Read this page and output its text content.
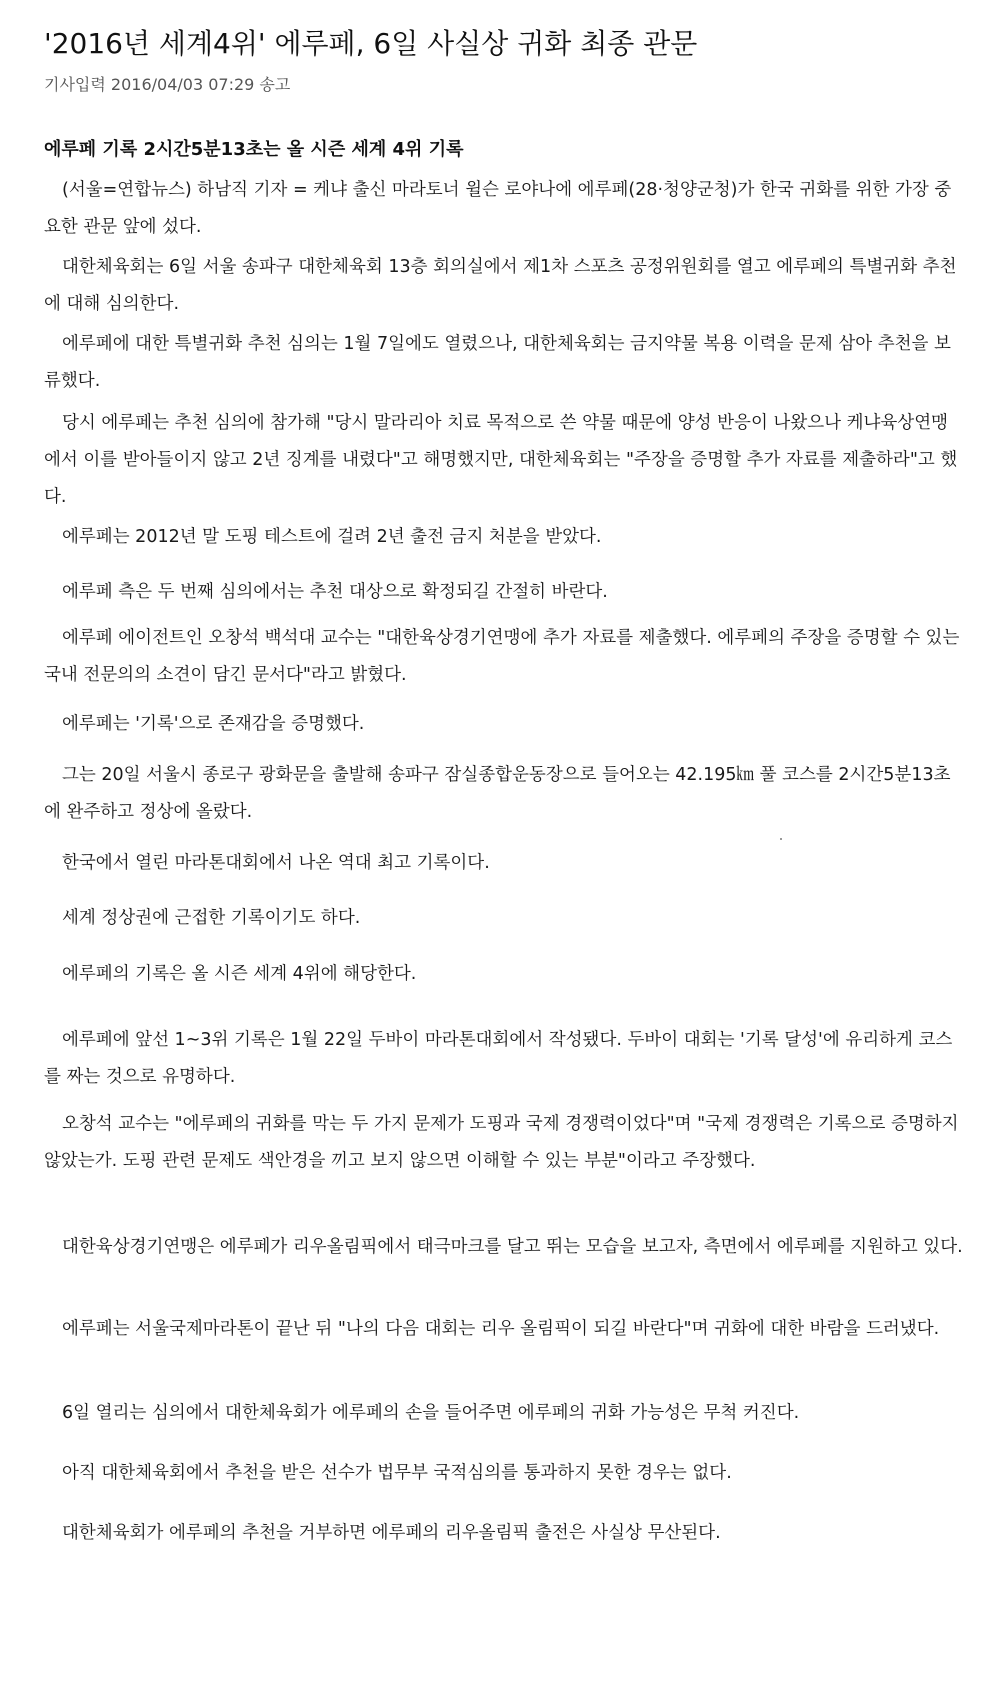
'2016년 세계4위' 에루페, 6일 사실상 귀화 최종 관문
기사입력 2016/04/03 07:29 송고
에루페 기록 2시간5분13초는 올 시즌 세계 4위 기록

(서울=연합뉴스) 하남직 기자 = 케냐 출신 마라토너 윌슨 로야나에 에루페(28·청양군청)가 한국 귀화를 위한 가장 중요한 관문 앞에 섰다.

대한체육회는 6일 서울 송파구 대한체육회 13층 회의실에서 제1차 스포츠 공정위원회를 열고 에루페의 특별귀화 추천에 대해 심의한다.

에루페에 대한 특별귀화 추천 심의는 1월 7일에도 열렸으나, 대한체육회는 금지약물 복용 이력을 문제 삼아 추천을 보류했다.

당시 에루페는 추천 심의에 참가해 "당시 말라리아 치료 목적으로 쓴 약물 때문에 양성 반응이 나왔으나 케냐육상연맹에서 이를 받아들이지 않고 2년 징계를 내렸다"고 해명했지만, 대한체육회는 "주장을 증명할 추가 자료를 제출하라"고 했다.

에루페는 2012년 말 도핑 테스트에 걸려 2년 출전 금지 처분을 받았다.

에루페 측은 두 번째 심의에서는 추천 대상으로 확정되길 간절히 바란다.

에루페 에이전트인 오창석 백석대 교수는 "대한육상경기연맹에 추가 자료를 제출했다. 에루페의 주장을 증명할 수 있는 국내 전문의의 소견이 담긴 문서다"라고 밝혔다.

에루페는 '기록'으로 존재감을 증명했다.

그는 20일 서울시 종로구 광화문을 출발해 송파구 잠실종합운동장으로 들어오는 42.195㎞ 풀 코스를 2시간5분13초에 완주하고 정상에 올랐다.

한국에서 열린 마라톤대회에서 나온 역대 최고 기록이다.

세계 정상권에 근접한 기록이기도 하다.

에루페의 기록은 올 시즌 세계 4위에 해당한다.

에루페에 앞선 1~3위 기록은 1월 22일 두바이 마라톤대회에서 작성됐다. 두바이 대회는 '기록 달성'에 유리하게 코스를 짜는 것으로 유명하다.

오창석 교수는 "에루페의 귀화를 막는 두 가지 문제가 도핑과 국제 경쟁력이었다"며 "국제 경쟁력은 기록으로 증명하지 않았는가. 도핑 관련 문제도 색안경을 끼고 보지 않으면 이해할 수 있는 부분"이라고 주장했다.

대한육상경기연맹은 에루페가 리우올림픽에서 태극마크를 달고 뛰는 모습을 보고자, 측면에서 에루페를 지원하고 있다.

에루페는 서울국제마라톤이 끝난 뒤 "나의 다음 대회는 리우 올림픽이 되길 바란다"며 귀화에 대한 바람을 드러냈다.

6일 열리는 심의에서 대한체육회가 에루페의 손을 들어주면 에루페의 귀화 가능성은 무척 커진다.

아직 대한체육회에서 추천을 받은 선수가 법무부 국적심의를 통과하지 못한 경우는 없다.

대한체육회가 에루페의 추천을 거부하면 에루페의 리우올림픽 출전은 사실상 무산된다.
